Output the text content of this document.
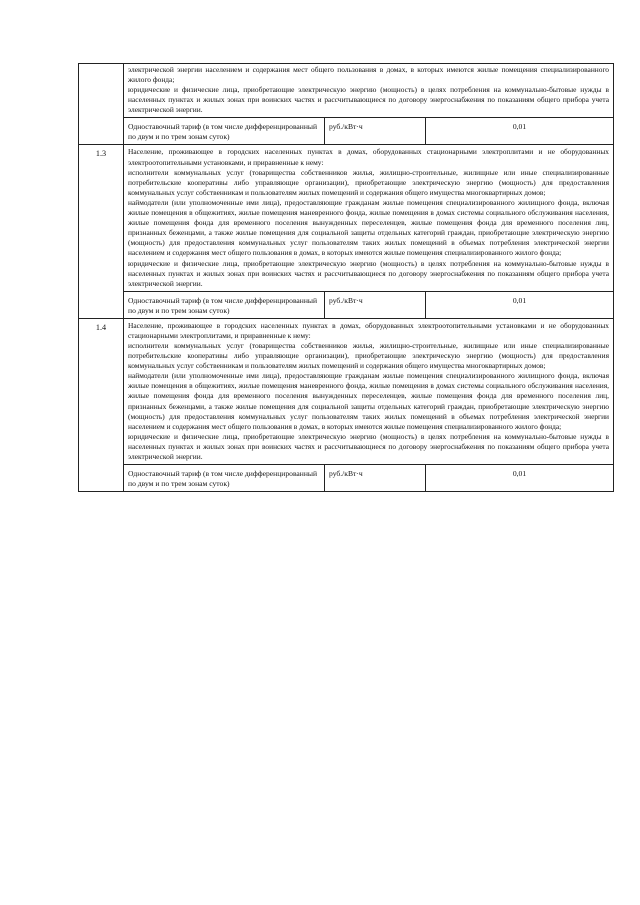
электрической энергии населением и содержания мест общего пользования в домах, в которых имеются жилые помещения специализированного жилого фонда;

юридические и физические лица, приобретающие электрическую энергию (мощность) в целях потребления на коммунально-бытовые нужды в населенных пунктах и жилых зонах при воинских частях и рассчитывающиеся по договору энергоснабжения по показаниям общего прибора учета электрической энергии.

Одноставочный тариф (в том числе дифференцированный по двум и по трем зонам суток)	руб./кВт·ч	0,01

1.3	Население, проживающее в городских населенных пунктах в домах, оборудованных стационарными электроплитами и не оборудованных электроотопительными установками, и приравненные к нему:

исполнители коммунальных услуг (товарищества собственников жилья, жилищно-строительные, жилищные или иные специализированные потребительские кооперативы либо управляющие организации), приобретающие электрическую энергию (мощность) для предоставления коммунальных услуг собственникам и пользователям жилых помещений и содержания общего имущества многоквартирных домов;

наймодатели (или уполномоченные ими лица), предоставляющие гражданам жилые помещения специализированного жилищного фонда, включая жилые помещения в общежитиях, жилые помещения маневренного фонда, жилые помещения в домах системы социального обслуживания населения, жилые помещения фонда для временного поселения вынужденных переселенцев, жилые помещения фонда для временного поселения лиц, признанных беженцами, а также жилые помещения для социальной защиты отдельных категорий граждан, приобретающие электрическую энергию (мощность) для предоставления коммунальных услуг пользователям таких жилых помещений в объемах потребления электрической энергии населением и содержания мест общего пользования в домах, в которых имеются жилые помещения специализированного жилого фонда;

юридические и физические лица, приобретающие электрическую энергию (мощность) в целях потребления на коммунально-бытовые нужды в населенных пунктах и жилых зонах при воинских частях и рассчитывающиеся по договору энергоснабжения по показаниям общего прибора учета электрической энергии.

Одноставочный тариф (в том числе дифференцированный по двум и по трем зонам суток)	руб./кВт·ч	0,01

1.4	Население, проживающее в городских населенных пунктах в домах, оборудованных электроотопительными установками и не оборудованных стационарными электроплитами, и приравненные к нему:

исполнители коммунальных услуг (товарищества собственников жилья, жилищно-строительные, жилищные или иные специализированные потребительские кооперативы либо управляющие организации), приобретающие электрическую энергию (мощность) для предоставления коммунальных услуг собственникам и пользователям жилых помещений и содержания общего имущества многоквартирных домов;

наймодатели (или уполномоченные ими лица), предоставляющие гражданам жилые помещения специализированного жилищного фонда, включая жилые помещения в общежитиях, жилые помещения маневренного фонда, жилые помещения в домах системы социального обслуживания населения, жилые помещения фонда для временного поселения вынужденных переселенцев, жилые помещения фонда для временного поселения лиц, признанных беженцами, а также жилые помещения для социальной защиты отдельных категорий граждан, приобретающие электрическую энергию (мощность) для предоставления коммунальных услуг пользователям таких жилых помещений в объемах потребления электрической энергии населением и содержания мест общего пользования в домах, в которых имеются жилые помещения специализированного жилого фонда;

юридические и физические лица, приобретающие электрическую энергию (мощность) в целях потребления на коммунально-бытовые нужды в населенных пунктах и жилых зонах при воинских частях и рассчитывающиеся по договору энергоснабжения по показаниям общего прибора учета электрической энергии.

Одноставочный тариф (в том числе дифференцированный по двум и по трем зонам суток)	руб./кВт·ч	0,01
